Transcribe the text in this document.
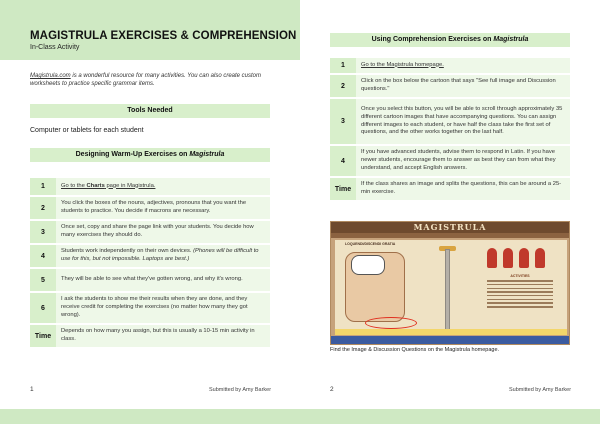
MAGISTRULA EXERCISES & COMPREHENSION
In-Class Activity
Magistrula.com is a wonderful resource for many activities. You can also create custom worksheets to practice specific grammar items.
Tools Needed
Computer or tablets for each student
Designing Warm-Up Exercises on Magistrula
1	Go to the Charts page in Magistrula.
2	You click the boxes of the nouns, adjectives, pronouns that you want the students to practice. You decide if macrons are necessary.
3	Once set, copy and share the page link with your students. You decide how many exercises they should do.
4	Students work independently on their own devices. (Phones will be difficult to use for this, but not impossible. Laptops are best.)
5	They will be able to see what they've gotten wrong, and why it's wrong.
6	I ask the students to show me their results when they are done, and they receive credit for completing the exercises (no matter how many they got wrong).
Time	Depends on how many you assign, but this is usually a 10-15 min activity in class.
1	Submitted by Amy Barker
Using Comprehension Exercises on Magistrula
1	Go to the Magistrula homepage.
2	Click on the box below the cartoon that says "See full image and Discussion questions."
3	Once you select this button, you will be able to scroll through approximately 35 different cartoon images that have accompanying questions. You can assign different images to each student, or have half the class take the first set of questions, and the other works together on the last half.
4	If you have advanced students, advise them to respond in Latin. If you have newer students, encourage them to answer as best they can from what they understand, and accept English answers.
Time	If the class shares an image and splits the questions, this can be around a 25-min exercise.
MAGISTRULA
LOQUENDI/DISCENDI GRATIA
ACTIVITIES
Find the Image & Discussion Questions on the Magistrula homepage.
2	Submitted by Amy Barker
